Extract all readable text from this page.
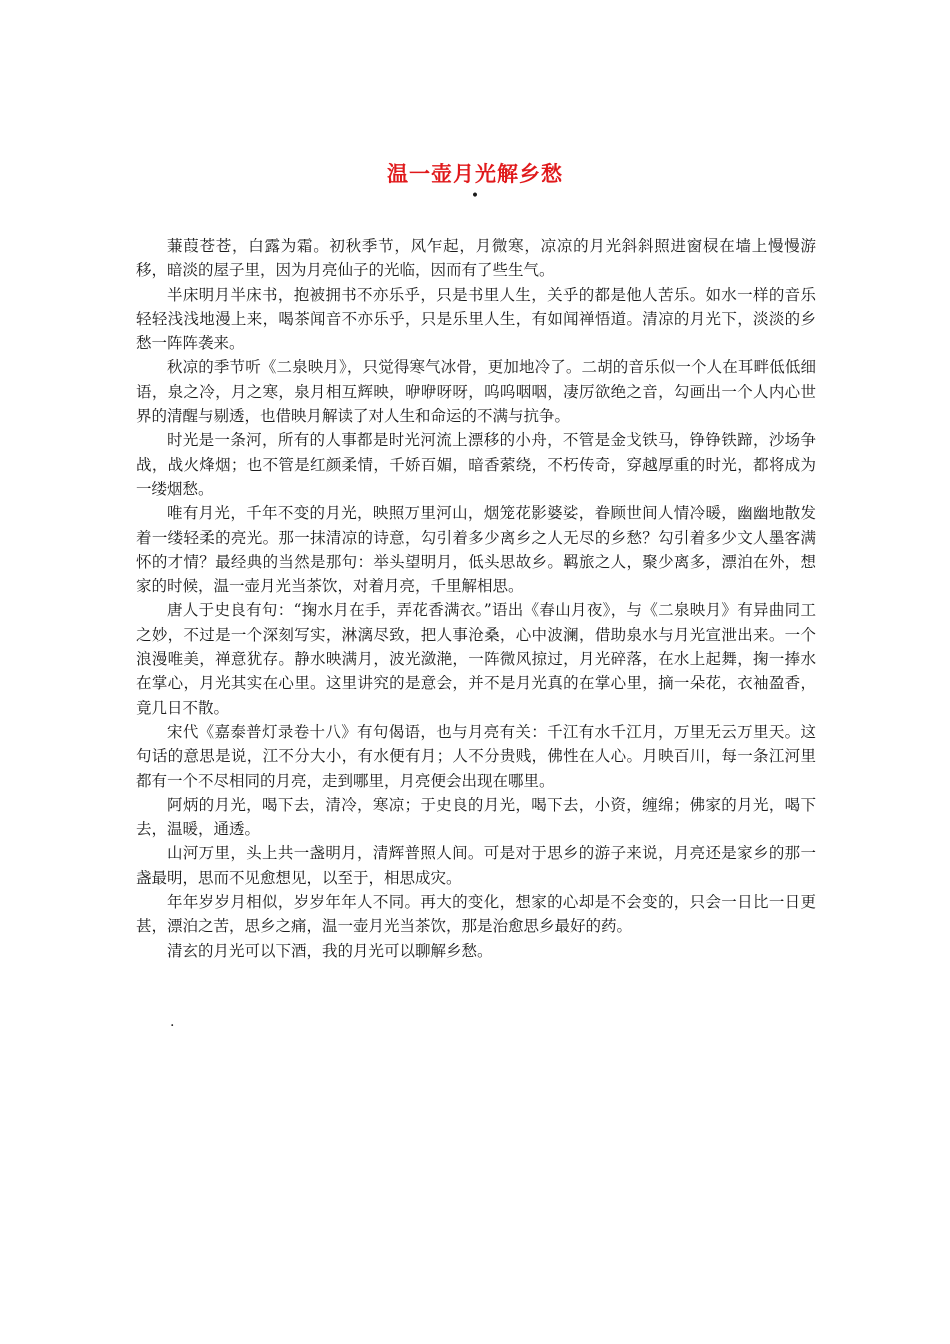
温一壶月光解乡愁
•

蒹葭苍苍，白露为霜。初秋季节，风乍起，月微寒，凉凉的月光斜斜照进窗棂在墙上慢慢游移，暗淡的屋子里，因为月亮仙子的光临，因而有了些生气。

半床明月半床书，抱被拥书不亦乐乎，只是书里人生，关乎的都是他人苦乐。如水一样的音乐轻轻浅浅地漫上来，喝茶闻音不亦乐乎，只是乐里人生，有如闻禅悟道。清凉的月光下，淡淡的乡愁一阵阵袭来。

秋凉的季节听《二泉映月》，只觉得寒气冰骨，更加地冷了。二胡的音乐似一个人在耳畔低低细语，泉之冷，月之寒，泉月相互辉映，咿咿呀呀，呜呜咽咽，凄厉欲绝之音，勾画出一个人内心世界的清醒与剔透，也借映月解读了对人生和命运的不满与抗争。

时光是一条河，所有的人事都是时光河流上漂移的小舟，不管是金戈铁马，铮铮铁蹄，沙场争战，战火烽烟；也不管是红颜柔情，千娇百媚，暗香萦绕，不朽传奇，穿越厚重的时光，都将成为一缕烟愁。

唯有月光，千年不变的月光，映照万里河山，烟笼花影婆娑，眷顾世间人情冷暖，幽幽地散发着一缕轻柔的亮光。那一抹清凉的诗意，勾引着多少离乡之人无尽的乡愁？勾引着多少文人墨客满怀的才情？最经典的当然是那句：举头望明月，低头思故乡。羁旅之人，聚少离多，漂泊在外，想家的时候，温一壶月光当茶饮，对着月亮，千里解相思。

唐人于史良有句：“掬水月在手，弄花香满衣。”语出《春山月夜》，与《二泉映月》有异曲同工之妙，不过是一个深刻写实，淋漓尽致，把人事沧桑，心中波澜，借助泉水与月光宣泄出来。一个浪漫唯美，禅意犹存。静水映满月，波光潋滟，一阵微风掠过，月光碎落，在水上起舞，掬一捧水在掌心，月光其实在心里。这里讲究的是意会，并不是月光真的在掌心里，摘一朵花，衣袖盈香，竟几日不散。

宋代《嘉泰普灯录卷十八》有句偈语，也与月亮有关：千江有水千江月，万里无云万里天。这句话的意思是说，江不分大小，有水便有月；人不分贵贱，佛性在人心。月映百川，每一条江河里都有一个不尽相同的月亮，走到哪里，月亮便会出现在哪里。

阿炳的月光，喝下去，清冷，寒凉；于史良的月光，喝下去，小资，缠绵；佛家的月光，喝下去，温暖，通透。

山河万里，头上共一盏明月，清辉普照人间。可是对于思乡的游子来说，月亮还是家乡的那一盏最明，思而不见愈想见，以至于，相思成灾。

年年岁岁月相似，岁岁年年人不同。再大的变化，想家的心却是不会变的，只会一日比一日更甚，漂泊之苦，思乡之痛，温一壶月光当茶饮，那是治愈思乡最好的药。

清玄的月光可以下酒，我的月光可以聊解乡愁。

.
